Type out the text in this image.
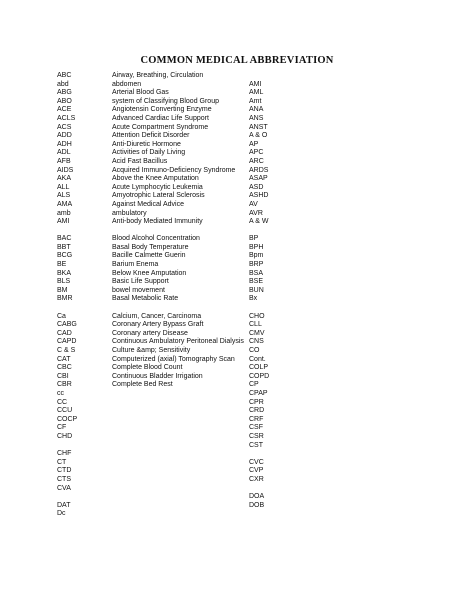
COMMON MEDICAL ABBREVIATION
ABC
abd
ABG
ABO
ACE
ACLS
ACS
ADD
ADH
ADL
AFB
AIDS
AKA
ALL
ALS
AMA
amb
AMI
BAC
BBT
BCG
BE
BKA
BLS
BM
BMR
Ca
CABG
CAD
CAPD
C & S
CAT
CBC
CBI
CBR
cc
CC
CCU
COCP
CF
CHD
CHF
CT
CTD
CTS
CVA
DAT
Dc
Airway, Breathing, Circulation
abdomen
Arterial Blood Gas
system of Classifying Blood Group
Angiotensin Converting Enzyme
Advanced Cardiac Life Support
Acute Compartment Syndrome
Attention Deficit Disorder
Anti-Diuretic Hormone
Activities of Daily Living
Acid Fast Bacillus
Acquired Immuno-Deficiency Syndrome
Above the Knee Amputation
Acute Lymphocytic Leukemia
Amyotrophic Lateral Sclerosis
Against Medical Advice
ambulatory
Anti-body Mediated Immunity
Blood Alcohol Concentration
Basal Body Temperature
Bacille Calmette Guerin
Barium Enema
Below Knee Amputation
Basic Life Support
bowel movement
Basal Metabolic Rate
Calcium, Cancer, Carcinoma
Coronary Artery Bypass Graft
Coronary artery Disease
Continuous Ambulatory Peritoneal Dialysis
Culture &amp; Sensitivity
Computerized (axial) Tomography Scan
Complete Blood Count
Continuous Bladder Irrigation
Complete Bed Rest
AMI
AML
Amt
ANA
ANS
ANST
A & O
AP
APC
ARC
ARDS
ASAP
ASD
ASHD
AV
AVR
A & W
BP
BPH
Bpm
BRP
BSA
BSE
BUN
Bx
CHO
CLL
CMV
CNS
CO
Cont.
COLP
COPD
CP
CPAP
CPR
CRD
CRF
CSF
CSR
CST
CVC
CVP
CXR
DOA
DOB
